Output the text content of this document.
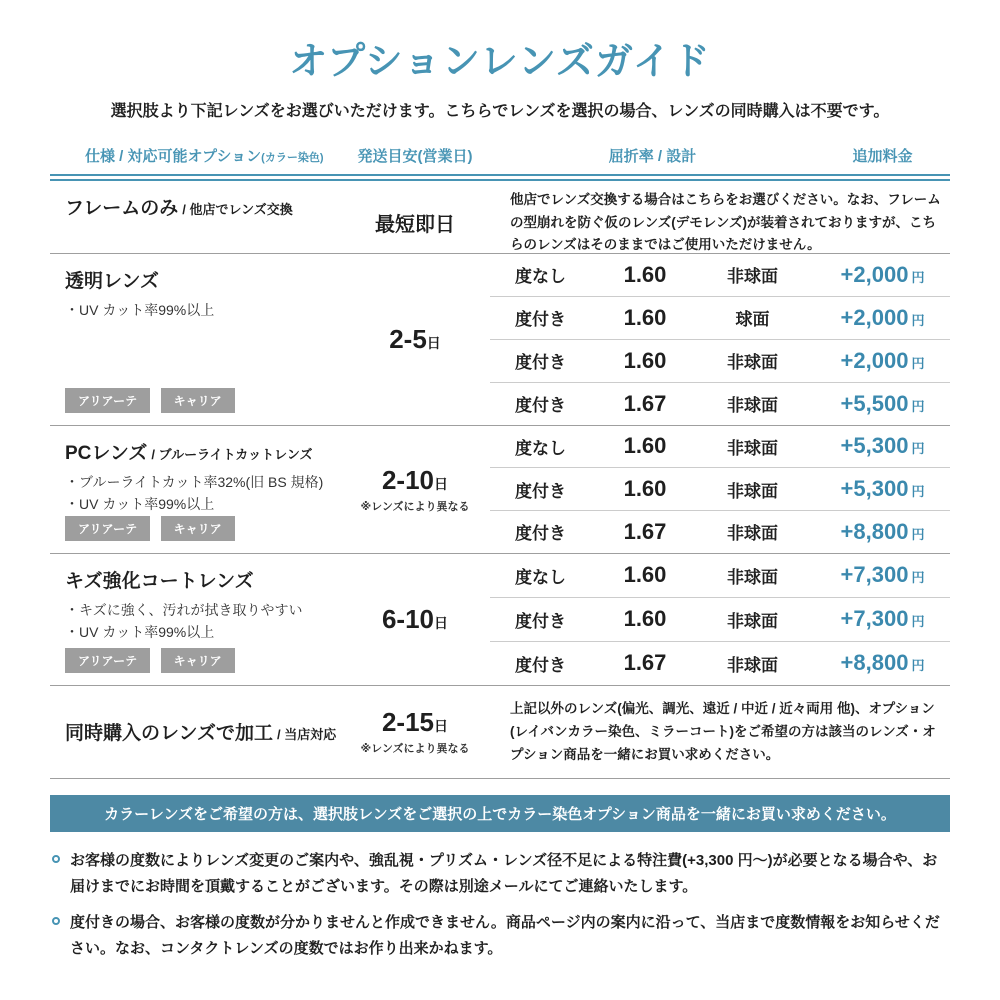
オプションレンズガイド
選択肢より下記レンズをお選びいただけます。こちらでレンズを選択の場合、レンズの同時購入は不要です。
仕様 / 対応可能オプション(カラー染色)	発送目安(営業日)	屈折率 / 設計	追加料金
フレームのみ / 他店でレンズ交換
最短即日
他店でレンズ交換する場合はこちらをお選びください。なお、フレームの型崩れを防ぐ仮のレンズ(デモレンズ)が装着されておりますが、こちらのレンズはそのままではご使用いただけません。
透明レンズ
・UV カット率99%以上
アリアーテ	キャリア
2-5日
度なし	1.60	非球面	+2,000 円
度付き	1.60	球面	+2,000 円
度付き	1.60	非球面	+2,000 円
度付き	1.67	非球面	+5,500 円
PCレンズ / ブルーライトカットレンズ
・ブルーライトカット率32%(旧 BS 規格)
・UV カット率99%以上
アリアーテ	キャリア
2-10日
※レンズにより異なる
度なし	1.60	非球面	+5,300 円
度付き	1.60	非球面	+5,300 円
度付き	1.67	非球面	+8,800 円
キズ強化コートレンズ
・キズに強く、汚れが拭き取りやすい
・UV カット率99%以上
アリアーテ	キャリア
6-10日
度なし	1.60	非球面	+7,300 円
度付き	1.60	非球面	+7,300 円
度付き	1.67	非球面	+8,800 円
同時購入のレンズで加工 / 当店対応 2-15日
※レンズにより異なる
上記以外のレンズ(偏光、調光、遠近 / 中近 / 近々両用 他)、オプション(レイバンカラー染色、ミラーコート)をご希望の方は該当のレンズ・オプション商品を一緒にお買い求めください。
カラーレンズをご希望の方は、選択肢レンズをご選択の上でカラー染色オプション商品を一緒にお買い求めください。
お客様の度数によりレンズ変更のご案内や、強乱視・プリズム・レンズ径不足による特注費(+3,300 円〜)が必要となる場合や、お届けまでにお時間を頂戴することがございます。その際は別途メールにてご連絡いたします。
度付きの場合、お客様の度数が分かりませんと作成できません。商品ページ内の案内に沿って、当店まで度数情報をお知らせください。なお、コンタクトレンズの度数ではお作り出来かねます。
